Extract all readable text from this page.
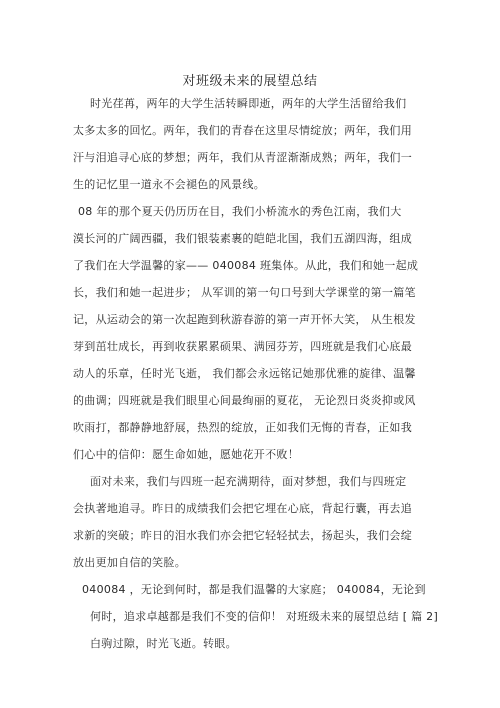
对班级未来的展望总结
时光荏苒，两年的大学生活转瞬即逝，两年的大学生活留给我们
太多太多的回忆。两年，我们的青春在这里尽情绽放；两年，我们用
汗与泪追寻心底的梦想；两年，我们从青涩渐渐成熟；两年，我们一
生的记忆里一道永不会褪色的风景线。
08 年的那个夏天仍历历在目，我们小桥流水的秀色江南，我们大
漠长河的广阔西疆，我们银装素裹的皑皑北国，我们五湖四海，组成
了我们在大学温馨的家—— 040084 班集体。从此，我们和她一起成
长，我们和她一起进步； 从军训的第一句口号到大学课堂的第一篇笔
记，从运动会的第一次起跑到秋游春游的第一声开怀大笑， 从生根发
芽到茁壮成长，再到收获累累硕果、满园芬芳，四班就是我们心底最
动人的乐章，任时光飞逝， 我们都会永远铭记她那优雅的旋律、温馨
的曲调；四班就是我们眼里心间最绚丽的夏花， 无论烈日炎炎抑或风
吹雨打，都静静地舒展，热烈的绽放，正如我们无悔的青春，正如我
们心中的信仰：愿生命如她，愿她花开不败！
面对未来，我们与四班一起充满期待，面对梦想，我们与四班定
会执著地追寻。昨日的成绩我们会把它埋在心底，背起行囊，再去追
求新的突破；昨日的泪水我们亦会把它轻轻拭去，扬起头，我们会绽
放出更加自信的笑脸。
040084 ，无论到何时，都是我们温馨的大家庭； 040084，无论到
何时，追求卓越都是我们不变的信仰！ 对班级未来的展望总结 [ 篇 2]
白驹过隙，时光飞逝。转眼。
